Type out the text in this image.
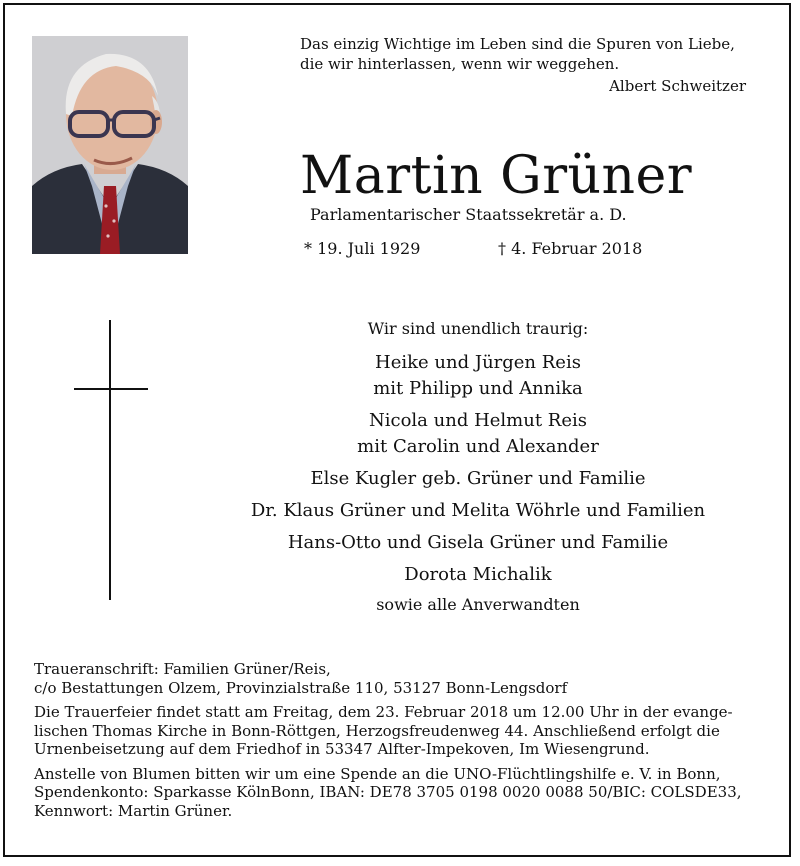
Das einzig Wichtige im Leben sind die Spuren von Liebe,
die wir hinterlassen, wenn wir weggehen.
Albert Schweitzer
Martin Grüner
Parlamentarischer Staatssekretär a. D.
* 19. Juli 1929	† 4. Februar 2018
Wir sind unendlich traurig:
Heike und Jürgen Reis
mit Philipp und Annika
Nicola und Helmut Reis
mit Carolin und Alexander
Else Kugler geb. Grüner und Familie
Dr. Klaus Grüner und Melita Wöhrle und Familien
Hans-Otto und Gisela Grüner und Familie
Dorota Michalik
sowie alle Anverwandten

Traueranschrift: Familien Grüner/Reis,
c/o Bestattungen Olzem, Provinzialstraße 110, 53127 Bonn-Lengsdorf

Die Trauerfeier findet statt am Freitag, dem 23. Februar 2018 um 12.00 Uhr in der evange-
lischen Thomas Kirche in Bonn-Röttgen, Herzogsfreudenweg 44. Anschließend erfolgt die
Urnenbeisetzung auf dem Friedhof in 53347 Alfter-Impekoven, Im Wiesengrund.

Anstelle von Blumen bitten wir um eine Spende an die UNO-Flüchtlingshilfe e. V. in Bonn,
Spendenkonto: Sparkasse KölnBonn, IBAN: DE78 3705 0198 0020 0088 50/BIC: COLSDE33,
Kennwort: Martin Grüner.
